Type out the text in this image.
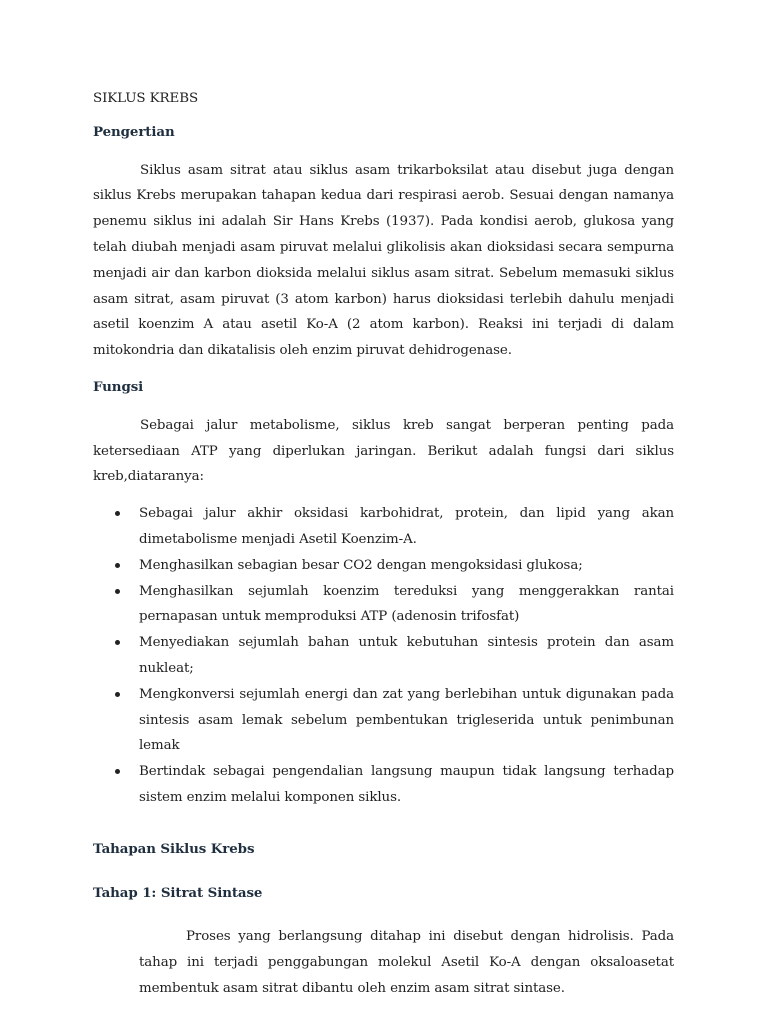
SIKLUS KREBS

Pengertian

Siklus asam sitrat atau siklus asam trikarboksilat atau disebut juga dengan siklus Krebs merupakan tahapan kedua dari respirasi aerob. Sesuai dengan namanya penemu siklus ini adalah Sir Hans Krebs (1937). Pada kondisi aerob, glukosa yang telah diubah menjadi asam piruvat melalui glikolisis akan dioksidasi secara sempurna menjadi air dan karbon dioksida melalui siklus asam sitrat. Sebelum memasuki siklus asam sitrat, asam piruvat (3 atom karbon) harus dioksidasi terlebih dahulu menjadi asetil koenzim A atau asetil Ko-A (2 atom karbon). Reaksi ini terjadi di dalam mitokondria dan dikatalisis oleh enzim piruvat dehidrogenase.

Fungsi

Sebagai jalur metabolisme, siklus kreb sangat berperan penting pada ketersediaan ATP yang diperlukan jaringan. Berikut adalah fungsi dari siklus kreb,diataranya:

Sebagai jalur akhir oksidasi karbohidrat, protein, dan lipid yang akan dimetabolisme menjadi Asetil Koenzim-A.
Menghasilkan sebagian besar CO2 dengan mengoksidasi glukosa;
Menghasilkan sejumlah koenzim tereduksi yang menggerakkan rantai pernapasan untuk memproduksi ATP (adenosin trifosfat)
Menyediakan sejumlah bahan untuk kebutuhan sintesis protein dan asam nukleat;
Mengkonversi sejumlah energi dan zat yang berlebihan untuk digunakan pada sintesis asam lemak sebelum pembentukan trigleserida untuk penimbunan lemak
Bertindak sebagai pengendalian langsung maupun tidak langsung terhadap sistem enzim melalui komponen siklus.

Tahapan Siklus Krebs

Tahap 1: Sitrat Sintase

Proses yang berlangsung ditahap ini disebut dengan hidrolisis. Pada tahap ini terjadi penggabungan molekul Asetil Ko-A dengan oksaloasetat membentuk asam sitrat dibantu oleh enzim asam sitrat sintase.
